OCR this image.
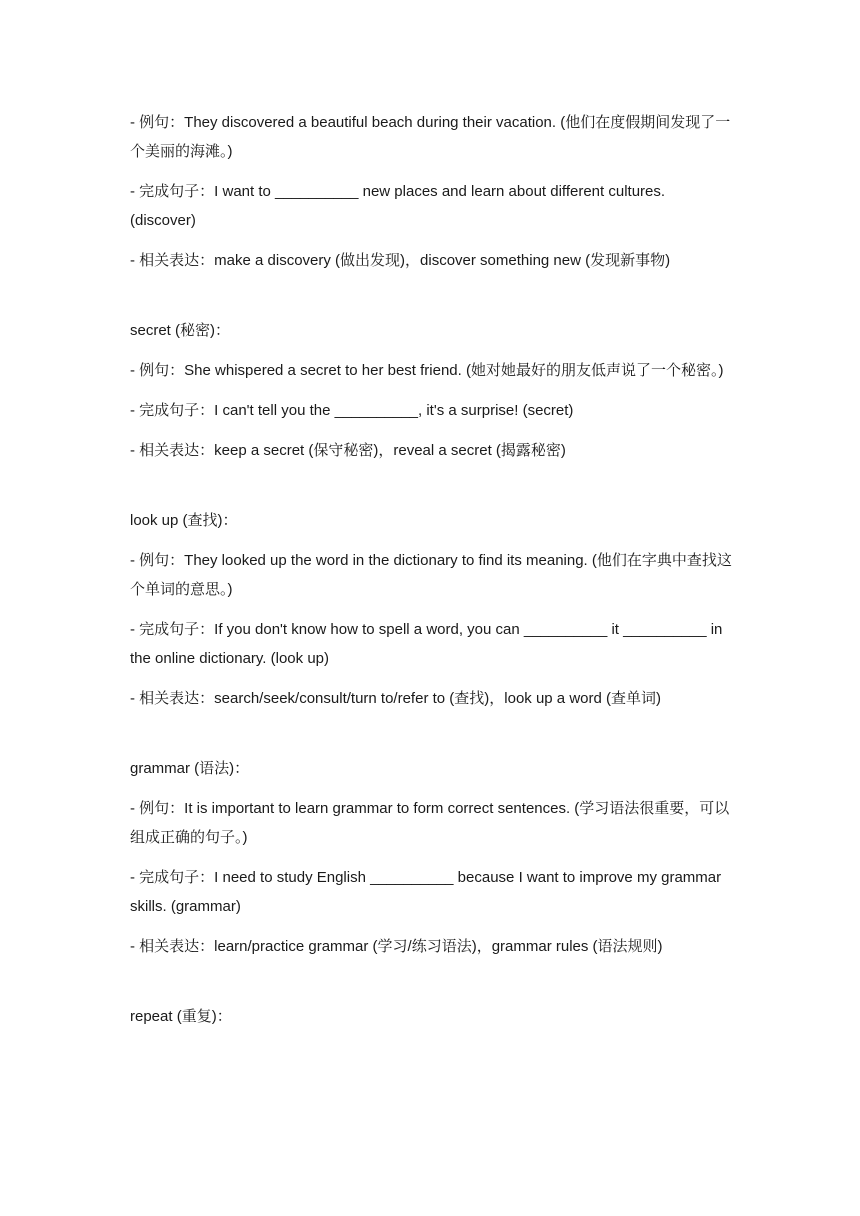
- 例句：They discovered a beautiful beach during their vacation. (他们在度假期间发现了一个美丽的海滩。)

- 完成句子：I want to __________ new places and learn about different cultures. (discover)

- 相关表达：make a discovery (做出发现)，discover something new (发现新事物)

secret (秘密)：

- 例句：She whispered a secret to her best friend. (她对她最好的朋友低声说了一个秘密。)

- 完成句子：I can't tell you the __________, it's a surprise! (secret)

- 相关表达：keep a secret (保守秘密)，reveal a secret (揭露秘密)

look up (查找)：

- 例句：They looked up the word in the dictionary to find its meaning. (他们在字典中查找这个单词的意思。)

- 完成句子：If you don't know how to spell a word, you can __________ it __________ in the online dictionary. (look up)

- 相关表达：search/seek/consult/turn to/refer to (查找)，look up a word (查单词)

grammar (语法)：

- 例句：It is important to learn grammar to form correct sentences. (学习语法很重要，可以组成正确的句子。)

- 完成句子：I need to study English __________ because I want to improve my grammar skills. (grammar)

- 相关表达：learn/practice grammar (学习/练习语法)，grammar rules (语法规则)

repeat (重复)：
